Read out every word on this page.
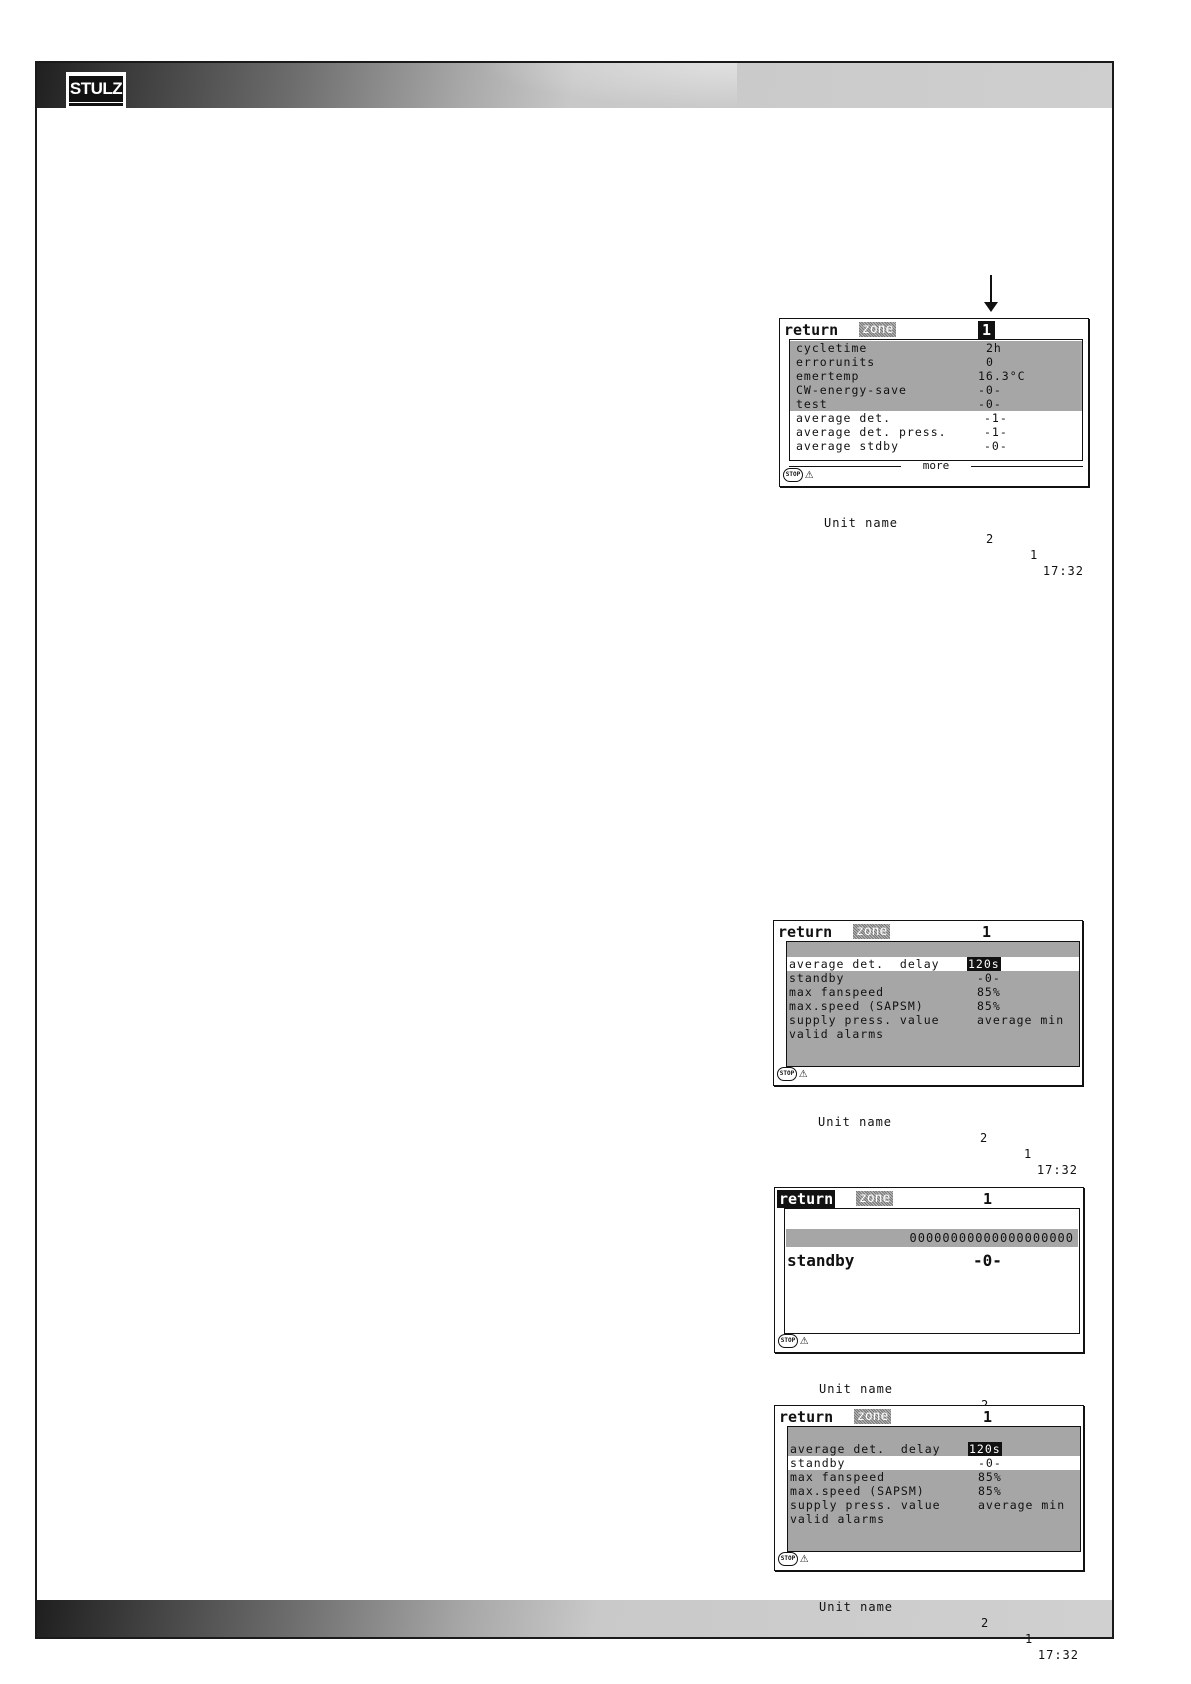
STULZ
return zone	1
cycletime	2h
errorunits	0
emertemp	16.3°C
CW-energy-save	-0-
test	-0-
average det.	-1-
average det. press.	-1-
average stdby	-0-
more

STOP

⚠

Unit name

2

1

17:32

return zone	1
average det.  delay 120s
standby	-0-
max fanspeed	85%
max.speed (SAPSM)	85%
supply press. value	average min
valid alarms

STOP

⚠

Unit name

2

1

17:32

return zone	1
00000000000000000000
standby	-0-

STOP

⚠

Unit name

return zone	1
average det.  delay 120s
standby	-0-
max fanspeed	85%
max.speed (SAPSM)	85%
supply press. value	average min
valid alarms

STOP

⚠

Unit name

2

1

17:32
